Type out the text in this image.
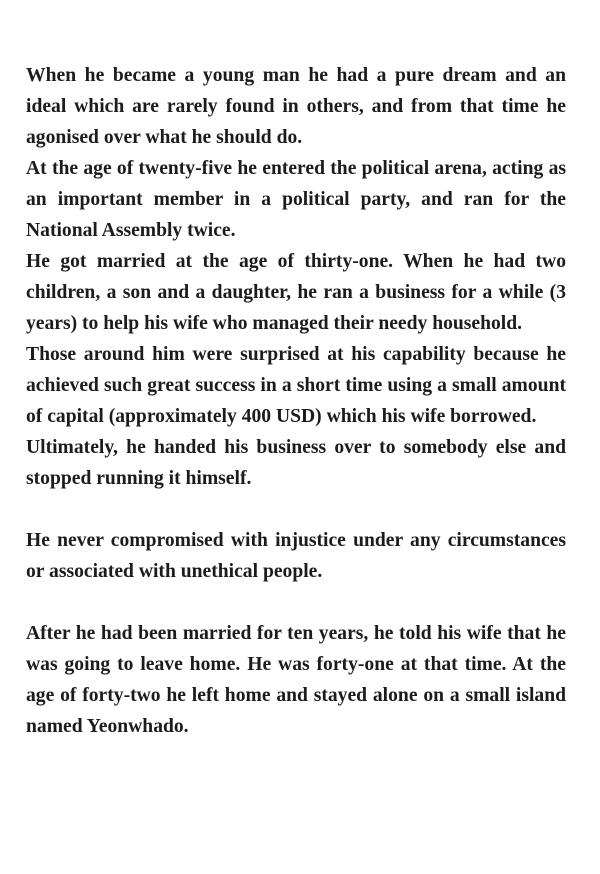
When he became a young man he had a pure dream and an ideal which are rarely found in others, and from that time he agonised over what he should do.

At the age of twenty-five he entered the political arena, acting as an important member in a political party, and ran for the National Assembly twice.

He got married at the age of thirty-one. When he had two children, a son and a daughter, he ran a business for a while (3 years) to help his wife who managed their needy household.

Those around him were surprised at his capability because he achieved such great success in a short time using a small amount of capital (approximately 400 USD) which his wife borrowed.

Ultimately, he handed his business over to somebody else and stopped running it himself.

He never compromised with injustice under any circumstances or associated with unethical people.

After he had been married for ten years, he told his wife that he was going to leave home. He was forty-one at that time. At the age of forty-two he left home and stayed alone on a small island named Yeonwhado.
